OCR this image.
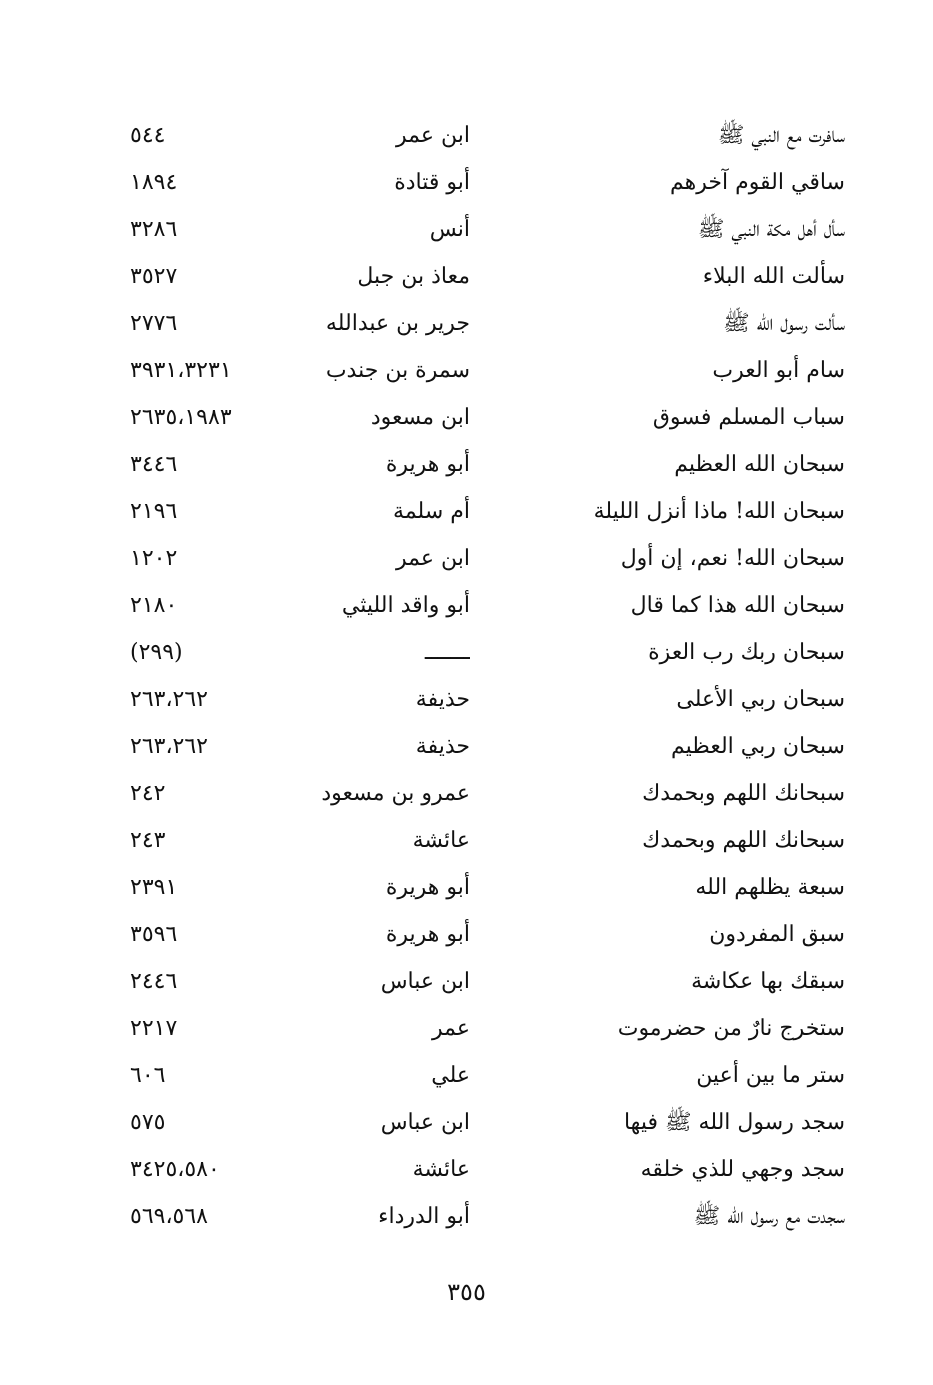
سافرت مع النبي ﷺ
ابن عمر
٥٤٤
ساقي القوم آخرهم
أبو قتادة
١٨٩٤
سأل أهل مكة النبي ﷺ
أنس
٣٢٨٦
سألت الله البلاء
معاذ بن جبل
٣٥٢٧
سألت رسول الله ﷺ
جرير بن عبدالله
٢٧٧٦
سام أبو العرب
سمرة بن جندب
٣٩٣١،٣٢٣١
سباب المسلم فسوق
ابن مسعود
٢٦٣٥،١٩٨٣
سبحان الله العظيم
أبو هريرة
٣٤٤٦
سبحان الله! ماذا أنزل الليلة
أم سلمة
٢١٩٦
سبحان الله! نعم، إن أول
ابن عمر
١٢٠٢
سبحان الله هذا كما قال
أبو واقد الليثي
٢١٨٠
سبحان ربك رب العزة
ـــــــ
(٢٩٩)
سبحان ربي الأعلى
حذيفة
٢٦٣،٢٦٢
سبحان ربي العظيم
حذيفة
٢٦٣،٢٦٢
سبحانك اللهم وبحمدك
عمرو بن مسعود
٢٤٢
سبحانك اللهم وبحمدك
عائشة
٢٤٣
سبعة يظلهم الله
أبو هريرة
٢٣٩١
سبق المفردون
أبو هريرة
٣٥٩٦
سبقك بها عكاشة
ابن عباس
٢٤٤٦
ستخرج نارٌ من حضرموت
عمر
٢٢١٧
ستر ما بين أعين
علي
٦٠٦
سجد رسول الله ﷺ فيها
ابن عباس
٥٧٥
سجد وجهي للذي خلقه
عائشة
٣٤٢٥،٥٨٠
سجدت مع رسول الله ﷺ
أبو الدرداء
٥٦٩،٥٦٨
٣٥٥
